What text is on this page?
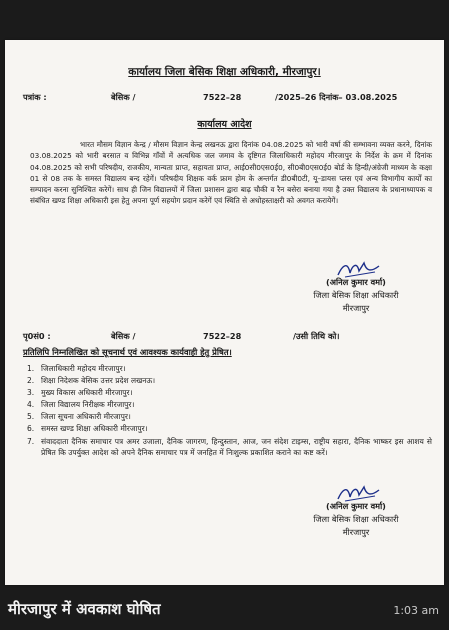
कार्यालय जिला बेसिक शिक्षा अधिकारी, मीरजापुर।
पत्रांक :	बेसिक /	7522–28	/2025–26 दिनांक– 03.08.2025
कार्यालय आदेश
भारत मौसम विज्ञान केन्द्र / मौसम विज्ञान केन्द्र लखनऊ द्वारा दिनांक 04.08.2025 को भारी वर्षा की सम्भावना व्यक्त करने, दिनांक 03.08.2025 को भारी बरसात व विभिन्न गाँवों में अत्यधिक जल जमाव के दृष्टिगत जिलाधिकारी महोदय मीरजापुर के निर्देश के क्रम में दिनांक 04.08.2025 को सभी परिषदीय, राजकीय, मान्यता प्राप्त, सहायता प्राप्त, आई0सी0एस0ई0, सी0बी0एस0ई0 बोर्ड के हिन्दी/अंग्रेजी माध्यम के कक्षा 01 से 08 तक के समस्त विद्यालय बन्द रहेगें। परिषदीय शिक्षक वर्क फ्राम होम के अन्तर्गत डी0बी0टी, यू–डायस प्लस एवं अन्य विभागीय कार्यों का सम्पादन करना सुनिश्चित करेगें। साथ ही जिन विद्यालयों में जिला प्रशासन द्वारा बाढ़ चौकी व रैन बसेरा बनाया गया है उक्त विद्यालय के प्रधानाध्यापक व संबंधित खण्ड शिक्षा अधिकारी इस हेतु अपना पूर्ण सहयोग प्रदान करेगें एवं स्थिति से अधोहस्ताक्षरी को अवगत करायेगें।
(अनिल कुमार वर्मा)
जिला बेसिक शिक्षा अधिकारी
मीरजापुर
पृ0सं0 :	बेसिक /	7522–28	/उसी तिथि को।
प्रतिलिपि निम्नलिखित को सूचनार्थ एवं आवश्यक कार्यवाही हेतु प्रेषित।
1. जिलाधिकारी महोदय मीरजापुर।
2. शिक्षा निदेशक बेसिक उत्तर प्रदेश लखनऊ।
3. मुख्य विकास अधिकारी मीरजापुर।
4. जिला विद्यालय निरीक्षक मीरजापुर।
5. जिला सूचना अधिकारी मीरजापुर।
6. समस्त खण्ड शिक्षा अधिकारी मीरजापुर।
7. संवाददाता दैनिक समाचार पत्र अमर उजाला, दैनिक जागरण, हिन्दुस्तान, आज, जन संदेश टाइम्स, राष्ट्रीय सहारा, दैनिक भाष्कर इस आशय से प्रेषित कि उपर्युक्त आदेश को अपने दैनिक समाचार पत्र में जनहित में निःशुल्क प्रकाशित कराने का कष्ट करें।
(अनिल कुमार वर्मा)
जिला बेसिक शिक्षा अधिकारी
मीरजापुर
मीरजापुर में अवकाश घोषित	1:03 am
